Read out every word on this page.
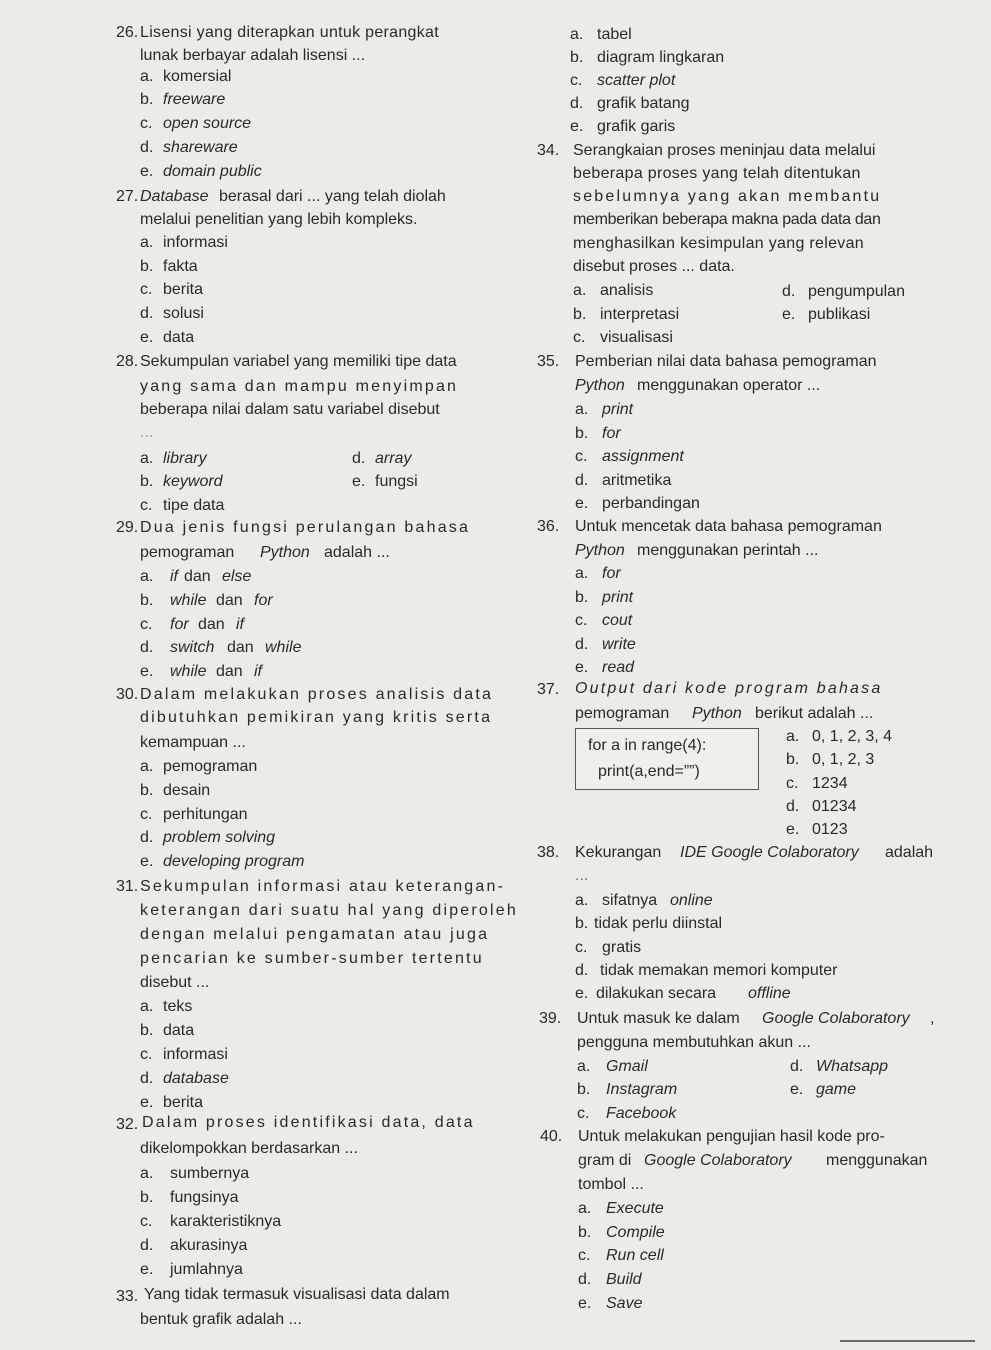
26. Lisensi yang diterapkan untuk perangkat
lunak berbayar adalah lisensi ...
a. komersial
b. freeware
c. open source
d. shareware
e. domain public
27. Database berasal dari ... yang telah diolah
melalui penelitian yang lebih kompleks.
a. informasi
b. fakta
c. berita
d. solusi
e. data
28. Sekumpulan variabel yang memiliki tipe data
yang sama dan mampu menyimpan
beberapa nilai dalam satu variabel disebut
...
a. library
b. keyword
c. tipe data
d. array
e. fungsi
29. Dua jenis fungsi perulangan bahasa
pemograman Python adalah ...
a. if dan else
b. while dan for
c. for dan if
d. switch dan while
e. while dan if
30. Dalam melakukan proses analisis data
dibutuhkan pemikiran yang kritis serta
kemampuan ...
a. pemograman
b. desain
c. perhitungan
d. problem solving
e. developing program
31. Sekumpulan informasi atau keterangan-
keterangan dari suatu hal yang diperoleh
dengan melalui pengamatan atau juga
pencarian ke sumber-sumber tertentu
disebut ...
a. teks
b. data
c. informasi
d. database
e. berita
32. Dalam proses identifikasi data, data
dikelompokkan berdasarkan ...
a. sumbernya
b. fungsinya
c. karakteristiknya
d. akurasinya
e. jumlahnya
33. Yang tidak termasuk visualisasi data dalam
bentuk grafik adalah ...
a. tabel
b. diagram lingkaran
c. scatter plot
d. grafik batang
e. grafik garis
34. Serangkaian proses meninjau data melalui
beberapa proses yang telah ditentukan
sebelumnya yang akan membantu
memberikan beberapa makna pada data dan
menghasilkan kesimpulan yang relevan
disebut proses ... data.
a. analisis
b. interpretasi
c. visualisasi
d. pengumpulan
e. publikasi
35. Pemberian nilai data bahasa pemograman
Python menggunakan operator ...
a. print
b. for
c. assignment
d. aritmetika
e. perbandingan
36. Untuk mencetak data bahasa pemograman
Python menggunakan perintah ...
a. for
b. print
c. cout
d. write
e. read
37. Output dari kode program bahasa
pemograman Python berikut adalah ...
for a in range(4):
print(a,end=””)
a. 0, 1, 2, 3, 4
b. 0, 1, 2, 3
c. 1234
d. 01234
e. 0123
38. Kekurangan IDE Google Colaboratory adalah
...
a. sifatnya online
b. tidak perlu diinstal
c. gratis
d. tidak memakan memori komputer
e. dilakukan secara offline
39. Untuk masuk ke dalam Google Colaboratory ,
pengguna membutuhkan akun ...
a. Gmail
b. Instagram
c. Facebook
d. Whatsapp
e. game
40. Untuk melakukan pengujian hasil kode pro-
gram di Google Colaboratory menggunakan
tombol ...
a. Execute
b. Compile
c. Run cell
d. Build
e. Save
